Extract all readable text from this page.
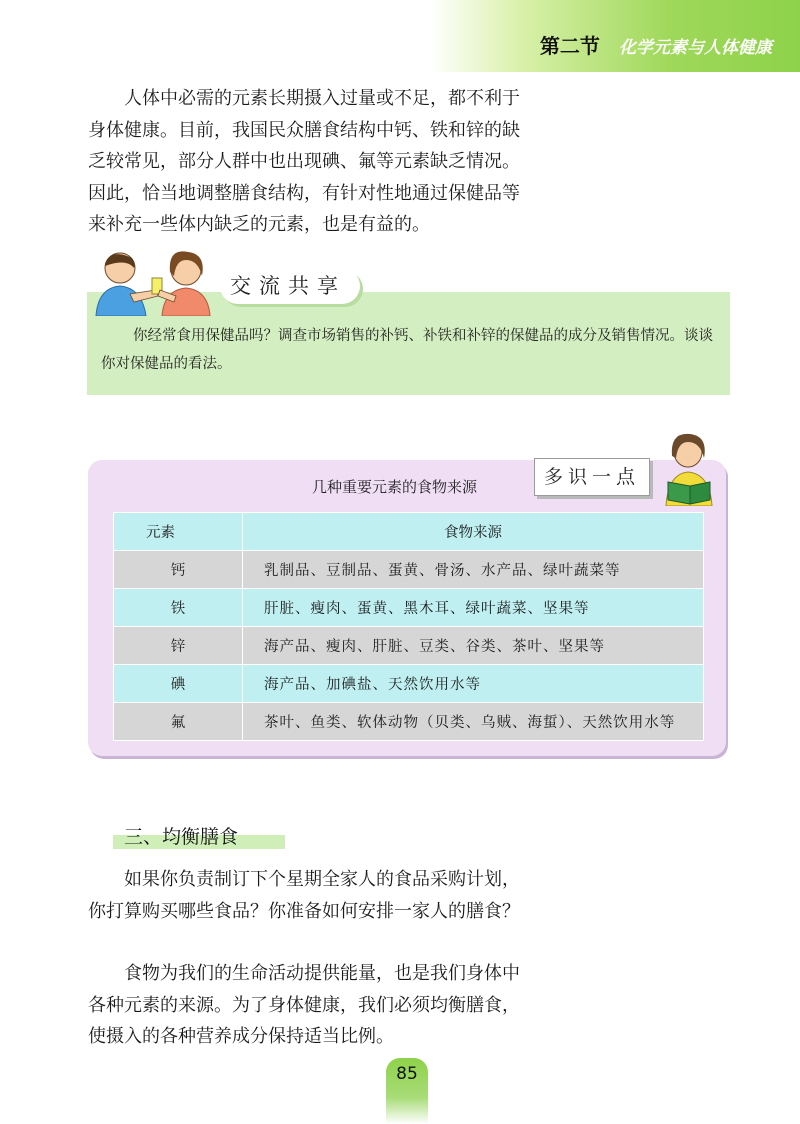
第二节 化学元素与人体健康

人体中必需的元素长期摄入过量或不足，都不利于身体健康。目前，我国民众膳食结构中钙、铁和锌的缺乏较常见，部分人群中也出现碘、氟等元素缺乏情况。因此，恰当地调整膳食结构，有针对性地通过保健品等来补充一些体内缺乏的元素，也是有益的。

你经常食用保健品吗？调查市场销售的补钙、补铁和补锌的保健品的成分及销售情况。谈谈你对保健品的看法。

交流共享
几种重要元素的食物来源	多识一点
元素	食物来源
钙	乳制品、豆制品、蛋黄、骨汤、水产品、绿叶蔬菜等
铁	肝脏、瘦肉、蛋黄、黑木耳、绿叶蔬菜、坚果等
锌	海产品、瘦肉、肝脏、豆类、谷类、茶叶、坚果等
碘	海产品、加碘盐、天然饮用水等
氟	茶叶、鱼类、软体动物（贝类、乌贼、海蜇）、天然饮用水等
三、均衡膳食

如果你负责制订下个星期全家人的食品采购计划，你打算购买哪些食品？你准备如何安排一家人的膳食？

食物为我们的生命活动提供能量，也是我们身体中各种元素的来源。为了身体健康，我们必须均衡膳食，使摄入的各种营养成分保持适当比例。

85
